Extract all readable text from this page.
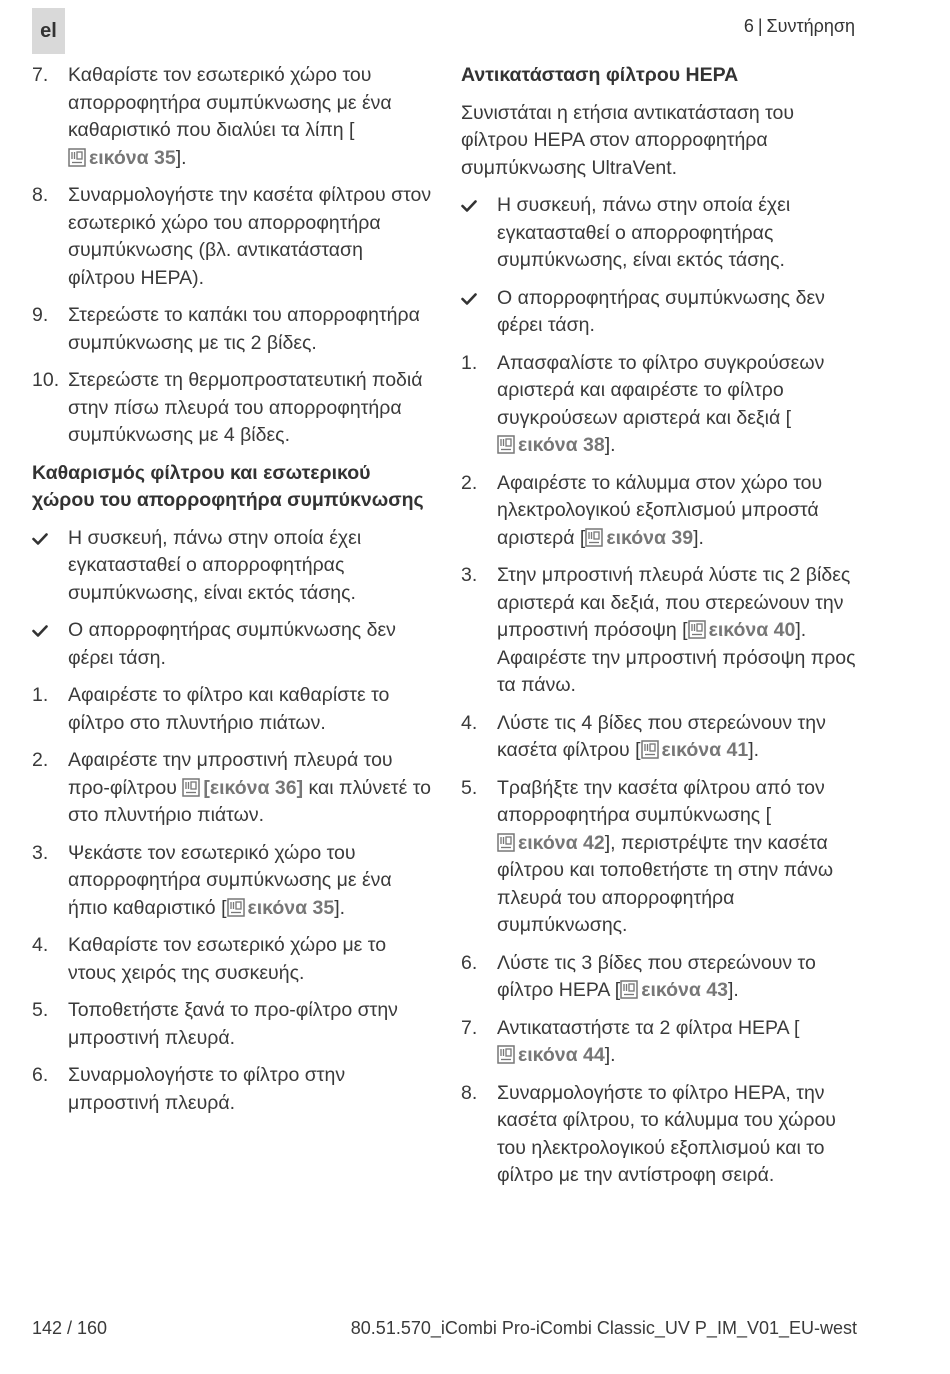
el	6 | Συντήρηση
7. Καθαρίστε τον εσωτερικό χώρο του απορροφητήρα συμπύκνωσης με ένα καθαριστικό που διαλύει τα λίπη [εικόνα 35].
8. Συναρμολογήστε την κασέτα φίλτρου στον εσωτερικό χώρο του απορροφητήρα συμπύκνωσης (βλ. αντικατάσταση φίλτρου HEPA).
9. Στερεώστε το καπάκι του απορροφητήρα συμπύκνωσης με τις 2 βίδες.
10. Στερεώστε τη θερμοπροστατευτική ποδιά στην πίσω πλευρά του απορροφητήρα συμπύκνωσης με 4 βίδες.
Καθαρισμός φίλτρου και εσωτερικού χώρου του απορροφητήρα συμπύκνωσης
Η συσκευή, πάνω στην οποία έχει εγκατασταθεί ο απορροφητήρας συμπύκνωσης, είναι εκτός τάσης.
Ο απορροφητήρας συμπύκνωσης δεν φέρει τάση.
1. Αφαιρέστε το φίλτρο και καθαρίστε το φίλτρο στο πλυντήριο πιάτων.
2. Αφαιρέστε την μπροστινή πλευρά του προ-φίλτρου [εικόνα 36] και πλύνετέ το στο πλυντήριο πιάτων.
3. Ψεκάστε τον εσωτερικό χώρο του απορροφητήρα συμπύκνωσης με ένα ήπιο καθαριστικό [ εικόνα 35].
4. Καθαρίστε τον εσωτερικό χώρο με το ντους χειρός της συσκευής.
5. Τοποθετήστε ξανά το προ-φίλτρο στην μπροστινή πλευρά.
6. Συναρμολογήστε το φίλτρο στην μπροστινή πλευρά.
Αντικατάσταση φίλτρου HEPA
Συνιστάται η ετήσια αντικατάσταση του φίλτρου HEPA στον απορροφητήρα συμπύκνωσης UltraVent.
Η συσκευή, πάνω στην οποία έχει εγκατασταθεί ο απορροφητήρας συμπύκνωσης, είναι εκτός τάσης.
Ο απορροφητήρας συμπύκνωσης δεν φέρει τάση.
1. Απασφαλίστε το φίλτρο συγκρούσεων αριστερά και αφαιρέστε το φίλτρο συγκρούσεων αριστερά και δεξιά [εικόνα 38].
2. Αφαιρέστε το κάλυμμα στον χώρο του ηλεκτρολογικού εξοπλισμού μπροστά αριστερά [ εικόνα 39].
3. Στην μπροστινή πλευρά λύστε τις 2 βίδες αριστερά και δεξιά, που στερεώνουν την μπροστινή πρόσοψη [ εικόνα 40]. Αφαιρέστε την μπροστινή πρόσοψη προς τα πάνω.
4. Λύστε τις 4 βίδες που στερεώνουν την κασέτα φίλτρου [ εικόνα 41].
5. Τραβήξτε την κασέτα φίλτρου από τον απορροφητήρα συμπύκνωσης [εικόνα 42], περιστρέψτε την κασέτα φίλτρου και τοποθετήστε τη στην πάνω πλευρά του απορροφητήρα συμπύκνωσης.
6. Λύστε τις 3 βίδες που στερεώνουν το φίλτρο HEPA [ εικόνα 43].
7. Αντικαταστήστε τα 2 φίλτρα HEPA [εικόνα 44].
8. Συναρμολογήστε το φίλτρο HEPA, την κασέτα φίλτρου, το κάλυμμα του χώρου του ηλεκτρολογικού εξοπλισμού και το φίλτρο με την αντίστροφη σειρά.
142 / 160	80.51.570_iCombi Pro-iCombi Classic_UV P_IM_V01_EU-west
